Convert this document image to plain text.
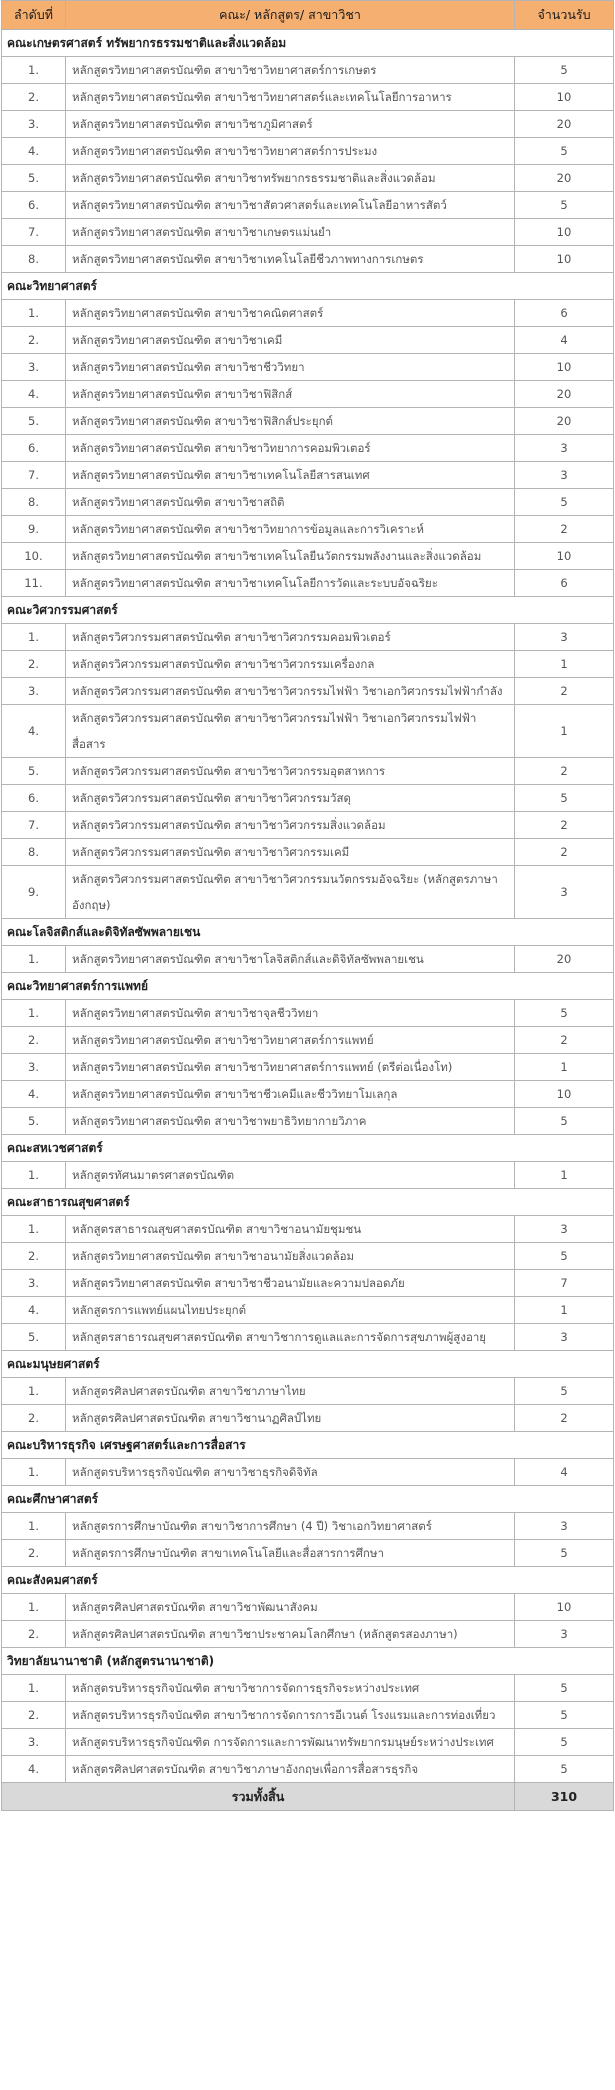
ลำดับที่	คณะ/ หลักสูตร/ สาขาวิชา	จำนวนรับ
คณะเกษตรศาสตร์ ทรัพยากรธรรมชาติและสิ่งแวดล้อม		
1.	หลักสูตรวิทยาศาสตรบัณฑิต สาขาวิชาวิทยาศาสตร์การเกษตร	5
2.	หลักสูตรวิทยาศาสตรบัณฑิต สาขาวิชาวิทยาศาสตร์และเทคโนโลยีการอาหาร	10
3.	หลักสูตรวิทยาศาสตรบัณฑิต สาขาวิชาภูมิศาสตร์	20
4.	หลักสูตรวิทยาศาสตรบัณฑิต สาขาวิชาวิทยาศาสตร์การประมง	5
5.	หลักสูตรวิทยาศาสตรบัณฑิต สาขาวิชาทรัพยากรธรรมชาติและสิ่งแวดล้อม	20
6.	หลักสูตรวิทยาศาสตรบัณฑิต สาขาวิชาสัตวศาสตร์และเทคโนโลยีอาหารสัตว์	5
7.	หลักสูตรวิทยาศาสตรบัณฑิต สาขาวิชาเกษตรแม่นยำ	10
8.	หลักสูตรวิทยาศาสตรบัณฑิต สาขาวิชาเทคโนโลยีชีวภาพทางการเกษตร	10
คณะวิทยาศาสตร์		
1.	หลักสูตรวิทยาศาสตรบัณฑิต สาขาวิชาคณิตศาสตร์	6
2.	หลักสูตรวิทยาศาสตรบัณฑิต สาขาวิชาเคมี	4
3.	หลักสูตรวิทยาศาสตรบัณฑิต สาขาวิชาชีววิทยา	10
4.	หลักสูตรวิทยาศาสตรบัณฑิต สาขาวิชาฟิสิกส์	20
5.	หลักสูตรวิทยาศาสตรบัณฑิต สาขาวิชาฟิสิกส์ประยุกต์	20
6.	หลักสูตรวิทยาศาสตรบัณฑิต สาขาวิชาวิทยาการคอมพิวเตอร์	3
7.	หลักสูตรวิทยาศาสตรบัณฑิต สาขาวิชาเทคโนโลยีสารสนเทศ	3
8.	หลักสูตรวิทยาศาสตรบัณฑิต สาขาวิชาสถิติ	5
9.	หลักสูตรวิทยาศาสตรบัณฑิต สาขาวิชาวิทยาการข้อมูลและการวิเคราะห์	2
10.	หลักสูตรวิทยาศาสตรบัณฑิต สาขาวิชาเทคโนโลยีนวัตกรรมพลังงานและสิ่งแวดล้อม	10
11.	หลักสูตรวิทยาศาสตรบัณฑิต สาขาวิชาเทคโนโลยีการวัดและระบบอัจฉริยะ	6
คณะวิศวกรรมศาสตร์		
1.	หลักสูตรวิศวกรรมศาสตรบัณฑิต สาขาวิชาวิศวกรรมคอมพิวเตอร์	3
2.	หลักสูตรวิศวกรรมศาสตรบัณฑิต สาขาวิชาวิศวกรรมเครื่องกล	1
3.	หลักสูตรวิศวกรรมศาสตรบัณฑิต สาขาวิชาวิศวกรรมไฟฟ้า วิชาเอกวิศวกรรมไฟฟ้ากำลัง	2
4.	หลักสูตรวิศวกรรมศาสตรบัณฑิต สาขาวิชาวิศวกรรมไฟฟ้า วิชาเอกวิศวกรรมไฟฟ้าสื่อสาร	1
5.	หลักสูตรวิศวกรรมศาสตรบัณฑิต สาขาวิชาวิศวกรรมอุตสาหการ	2
6.	หลักสูตรวิศวกรรมศาสตรบัณฑิต สาขาวิชาวิศวกรรมวัสดุ	5
7.	หลักสูตรวิศวกรรมศาสตรบัณฑิต สาขาวิชาวิศวกรรมสิ่งแวดล้อม	2
8.	หลักสูตรวิศวกรรมศาสตรบัณฑิต สาขาวิชาวิศวกรรมเคมี	2
9.	หลักสูตรวิศวกรรมศาสตรบัณฑิต สาขาวิชาวิศวกรรมนวัตกรรมอัจฉริยะ (หลักสูตรภาษาอังกฤษ)	3
คณะโลจิสติกส์และดิจิทัลซัพพลายเชน		
1.	หลักสูตรวิทยาศาสตรบัณฑิต สาขาวิชาโลจิสติกส์และดิจิทัลซัพพลายเชน	20
คณะวิทยาศาสตร์การแพทย์		
1.	หลักสูตรวิทยาศาสตรบัณฑิต สาขาวิชาจุลชีววิทยา	5
2.	หลักสูตรวิทยาศาสตรบัณฑิต สาขาวิชาวิทยาศาสตร์การแพทย์	2
3.	หลักสูตรวิทยาศาสตรบัณฑิต สาขาวิชาวิทยาศาสตร์การแพทย์ (ตรีต่อเนื่องโท)	1
4.	หลักสูตรวิทยาศาสตรบัณฑิต สาขาวิชาชีวเคมีและชีววิทยาโมเลกุล	10
5.	หลักสูตรวิทยาศาสตรบัณฑิต สาขาวิชาพยาธิวิทยากายวิภาค	5
คณะสหเวชศาสตร์		
1.	หลักสูตรทัศนมาตรศาสตรบัณฑิต	1
คณะสาธารณสุขศาสตร์		
1.	หลักสูตรสาธารณสุขศาสตรบัณฑิต สาขาวิชาอนามัยชุมชน	3
2.	หลักสูตรวิทยาศาสตรบัณฑิต สาขาวิชาอนามัยสิ่งแวดล้อม	5
3.	หลักสูตรวิทยาศาสตรบัณฑิต สาขาวิชาชีวอนามัยและความปลอดภัย	7
4.	หลักสูตรการแพทย์แผนไทยประยุกต์	1
5.	หลักสูตรสาธารณสุขศาสตรบัณฑิต สาขาวิชาการดูแลและการจัดการสุขภาพผู้สูงอายุ	3
คณะมนุษยศาสตร์		
1.	หลักสูตรศิลปศาสตรบัณฑิต สาขาวิชาภาษาไทย	5
2.	หลักสูตรศิลปศาสตรบัณฑิต สาขาวิชานาฏศิลป์ไทย	2
คณะบริหารธุรกิจ เศรษฐศาสตร์และการสื่อสาร		
1.	หลักสูตรบริหารธุรกิจบัณฑิต สาขาวิชาธุรกิจดิจิทัล	4
คณะศึกษาศาสตร์		
1.	หลักสูตรการศึกษาบัณฑิต สาขาวิชาการศึกษา (4 ปี) วิชาเอกวิทยาศาสตร์	3
2.	หลักสูตรการศึกษาบัณฑิต สาขาเทคโนโลยีและสื่อสารการศึกษา	5
คณะสังคมศาสตร์		
1.	หลักสูตรศิลปศาสตรบัณฑิต สาขาวิชาพัฒนาสังคม	10
2.	หลักสูตรศิลปศาสตรบัณฑิต สาขาวิชาประชาคมโลกศึกษา (หลักสูตรสองภาษา)	3
วิทยาลัยนานาชาติ (หลักสูตรนานาชาติ)		
1.	หลักสูตรบริหารธุรกิจบัณฑิต สาขาวิชาการจัดการธุรกิจระหว่างประเทศ	5
2.	หลักสูตรบริหารธุรกิจบัณฑิต สาขาวิชาการจัดการการอีเวนต์ โรงแรมและการท่องเที่ยว	5
3.	หลักสูตรบริหารธุรกิจบัณฑิต การจัดการและการพัฒนาทรัพยากรมนุษย์ระหว่างประเทศ	5
4.	หลักสูตรศิลปศาสตรบัณฑิต สาขาวิชาภาษาอังกฤษเพื่อการสื่อสารธุรกิจ	5
รวมทั้งสิ้น		310
